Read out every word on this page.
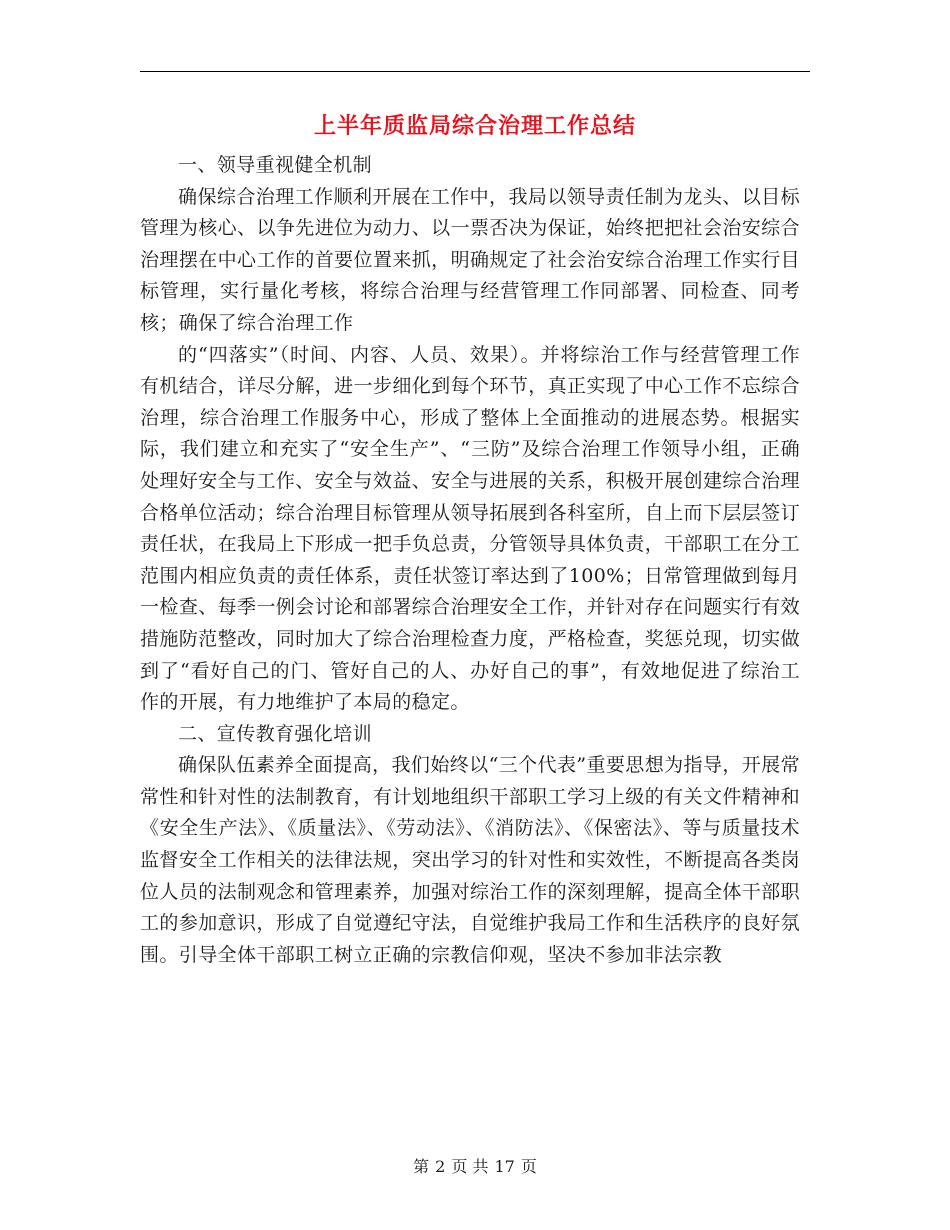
上半年质监局综合治理工作总结

一、领导重视健全机制

确保综合治理工作顺利开展在工作中，我局以领导责任制为龙头、以目标管理为核心、以争先进位为动力、以一票否决为保证，始终把把社会治安综合治理摆在中心工作的首要位置来抓，明确规定了社会治安综合治理工作实行目标管理，实行量化考核，将综合治理与经营管理工作同部署、同检查、同考核；确保了综合治理工作

的“四落实”（时间、内容、人员、效果）。并将综治工作与经营管理工作有机结合，详尽分解，进一步细化到每个环节，真正实现了中心工作不忘综合治理，综合治理工作服务中心，形成了整体上全面推动的进展态势。根据实际，我们建立和充实了“安全生产”、“三防”及综合治理工作领导小组，正确处理好安全与工作、安全与效益、安全与进展的关系，积极开展创建综合治理合格单位活动；综合治理目标管理从领导拓展到各科室所，自上而下层层签订责任状，在我局上下形成一把手负总责，分管领导具体负责，干部职工在分工范围内相应负责的责任体系，责任状签订率达到了100%；日常管理做到每月一检查、每季一例会讨论和部署综合治理安全工作，并针对存在问题实行有效措施防范整改，同时加大了综合治理检查力度，严格检查，奖惩兑现，切实做到了“看好自己的门、管好自己的人、办好自己的事”，有效地促进了综治工作的开展，有力地维护了本局的稳定。

二、宣传教育强化培训

确保队伍素养全面提高，我们始终以“三个代表”重要思想为指导，开展常常性和针对性的法制教育，有计划地组织干部职工学习上级的有关文件精神和《安全生产法》、《质量法》、《劳动法》、《消防法》、《保密法》、等与质量技术监督安全工作相关的法律法规，突出学习的针对性和实效性，不断提高各类岗位人员的法制观念和管理素养，加强对综治工作的深刻理解，提高全体干部职工的参加意识，形成了自觉遵纪守法，自觉维护我局工作和生活秩序的良好氛围。引导全体干部职工树立正确的宗教信仰观，坚决不参加非法宗教

第 2 页 共 17 页
